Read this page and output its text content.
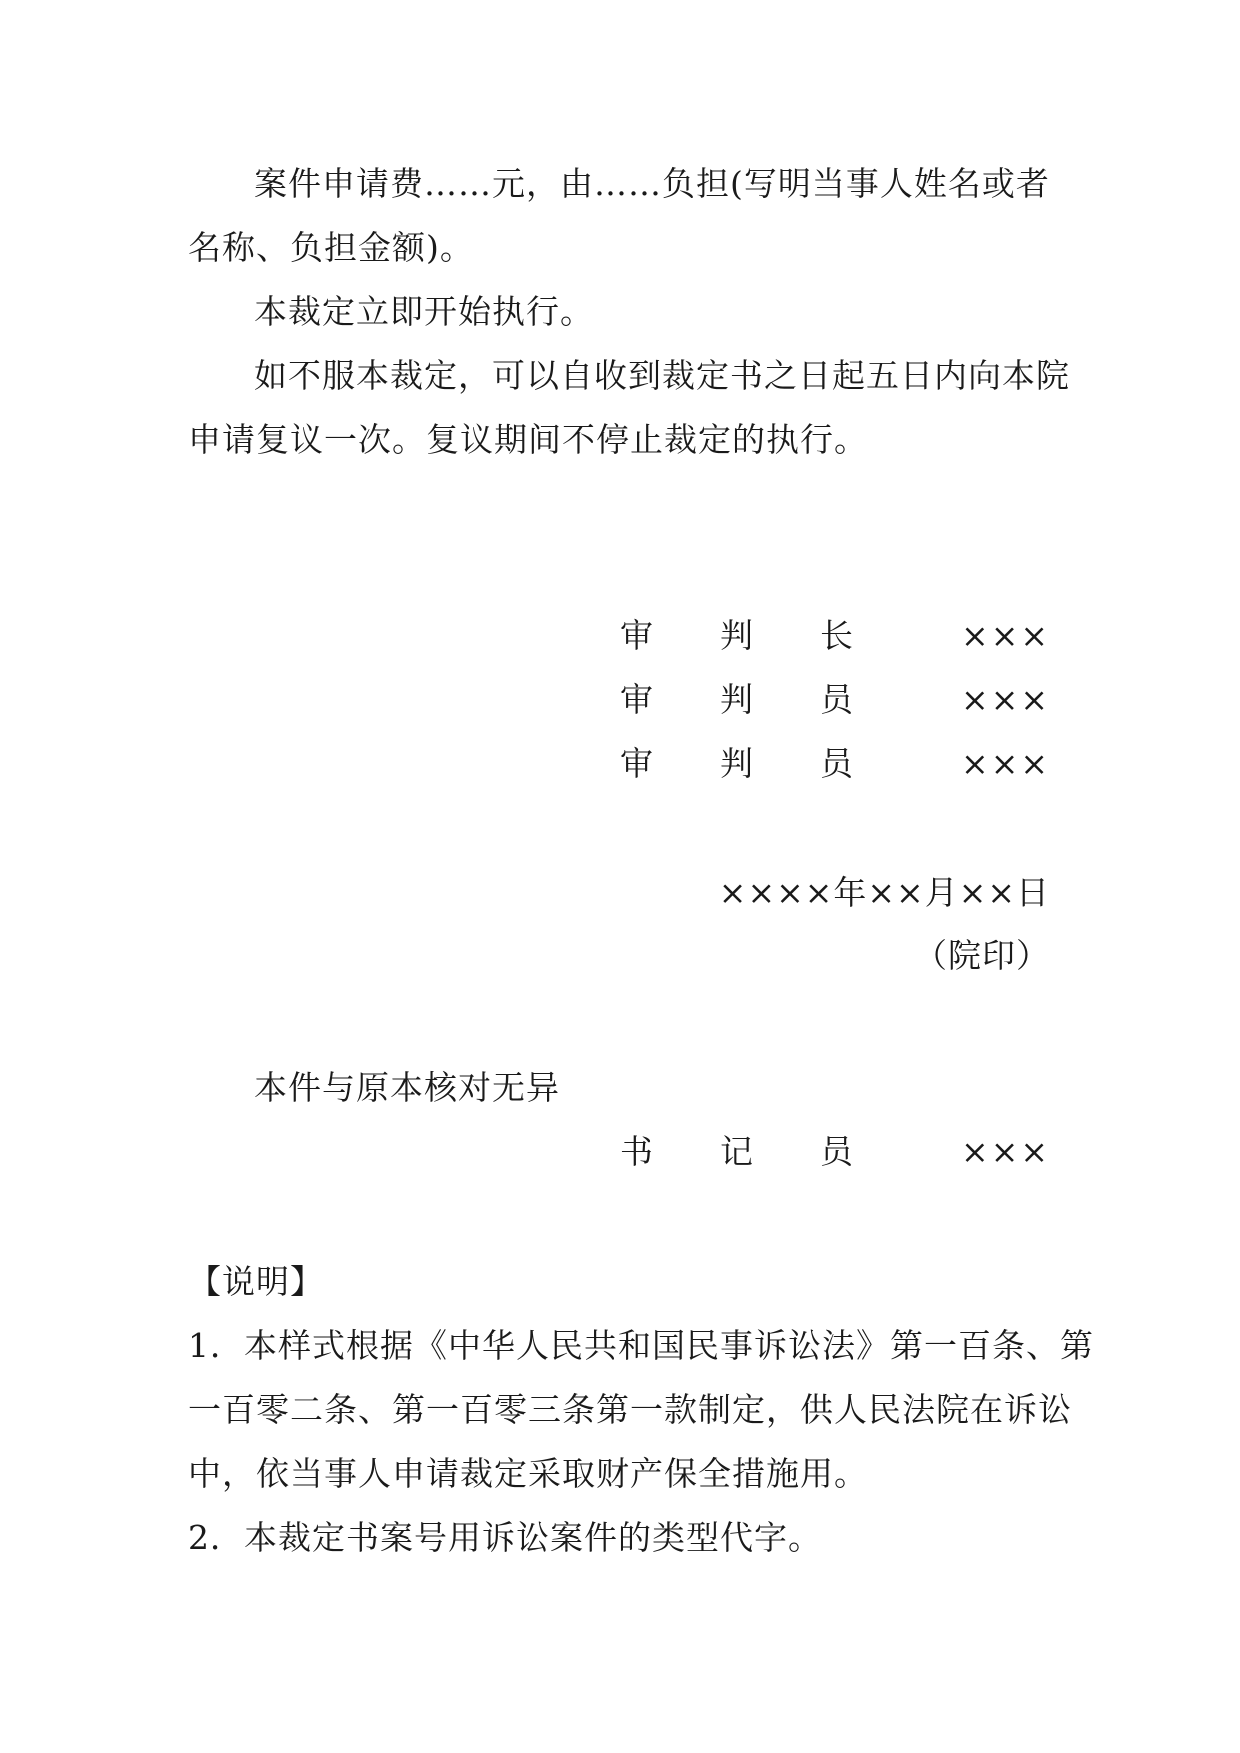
案件申请费……元，由……负担(写明当事人姓名或者
名称、负担金额)。
本裁定立即开始执行。
如不服本裁定，可以自收到裁定书之日起五日内向本院
申请复议一次。复议期间不停止裁定的执行。
审 判 长	×××
审 判 员	×××
审 判 员	×××
××××年××月××日
（院印）
本件与原本核对无异
书 记 员	×××
【说明】
1．本样式根据《中华人民共和国民事诉讼法》第一百条、第
一百零二条、第一百零三条第一款制定，供人民法院在诉讼
中，依当事人申请裁定采取财产保全措施用。
2．本裁定书案号用诉讼案件的类型代字。
